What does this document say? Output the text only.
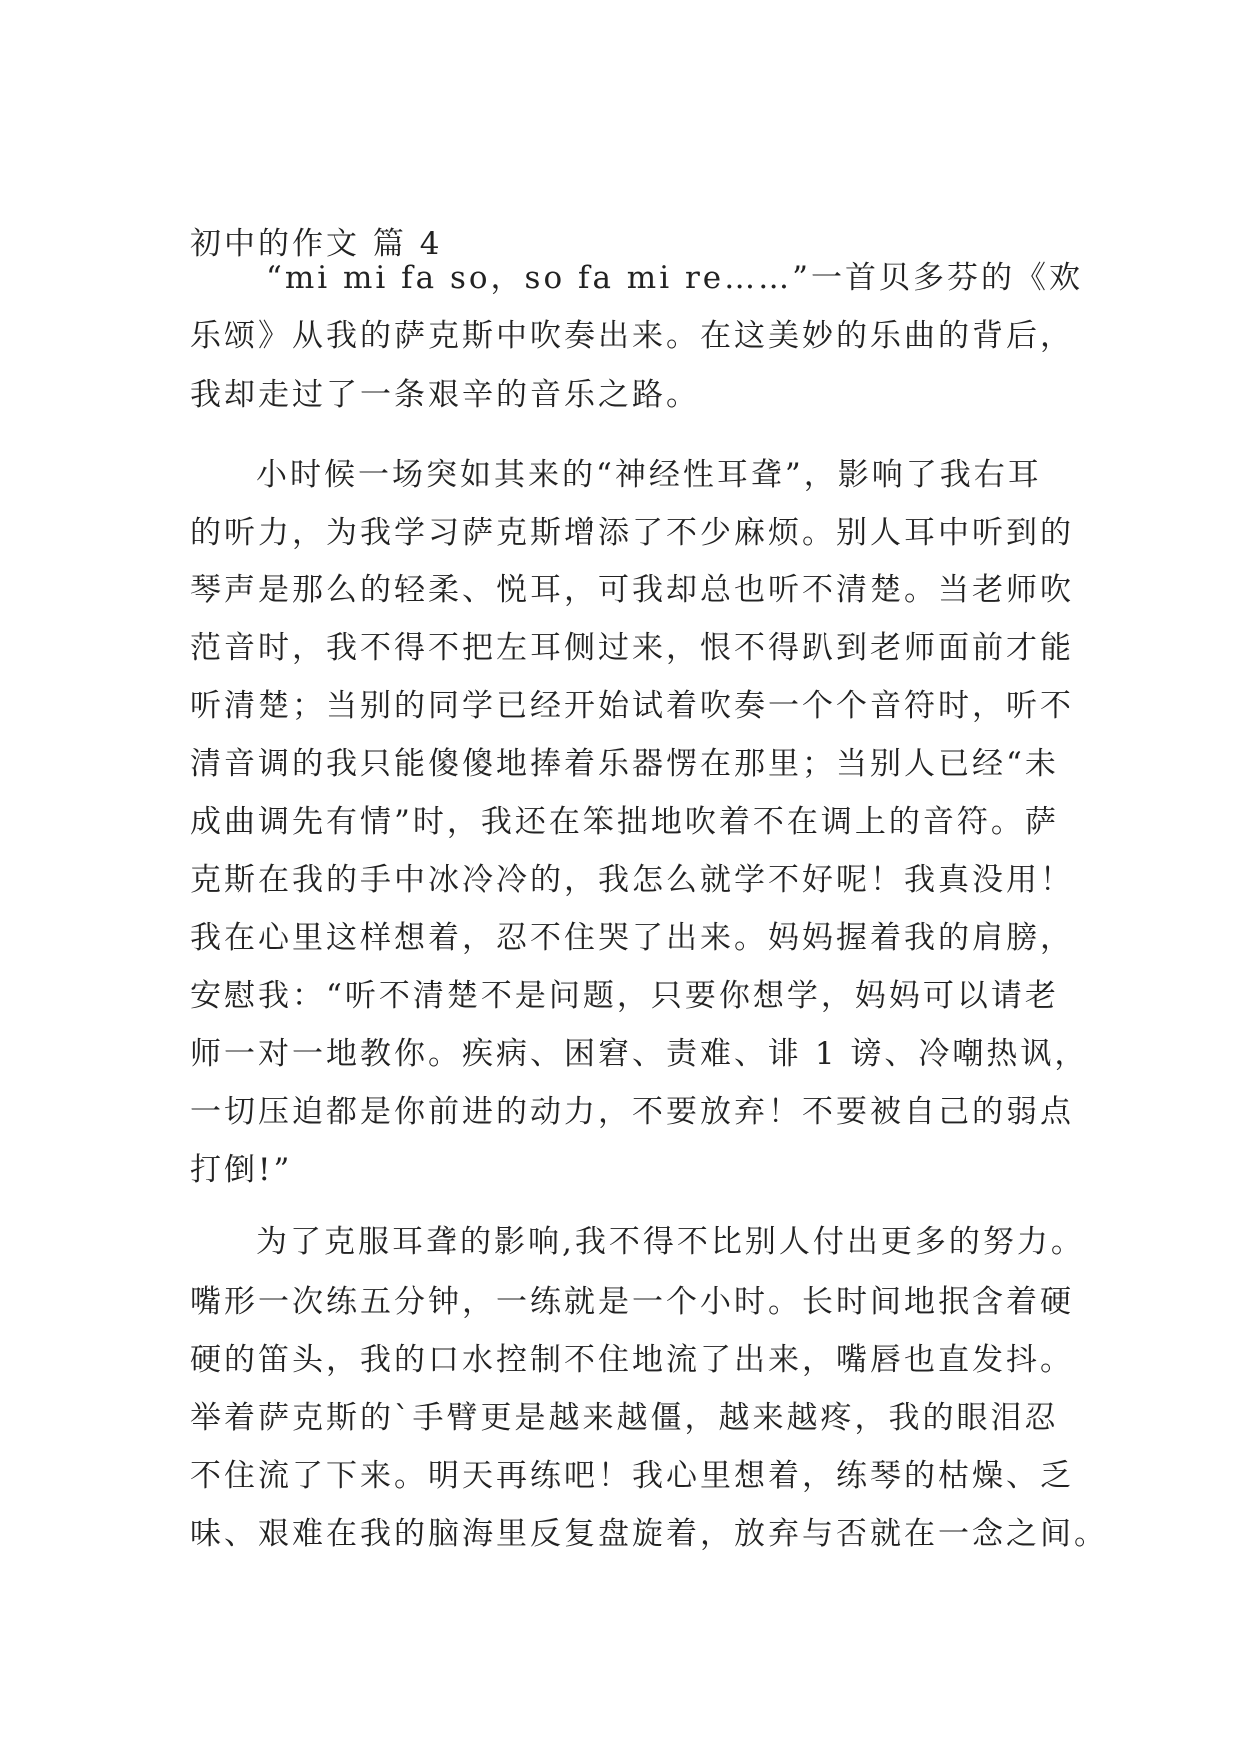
初中的作文 篇 4
“mi mi fa so，so fa mi re……”一首贝多芬的《欢
乐颂》从我的萨克斯中吹奏出来。在这美妙的乐曲的背后，
我却走过了一条艰辛的音乐之路。
小时候一场突如其来的“神经性耳聋”，影响了我右耳
的听力，为我学习萨克斯增添了不少麻烦。别人耳中听到的
琴声是那么的轻柔、悦耳，可我却总也听不清楚。当老师吹
范音时，我不得不把左耳侧过来，恨不得趴到老师面前才能
听清楚；当别的同学已经开始试着吹奏一个个音符时，听不
清音调的我只能傻傻地捧着乐器愣在那里；当别人已经“未
成曲调先有情”时，我还在笨拙地吹着不在调上的音符。萨
克斯在我的手中冰冷冷的，我怎么就学不好呢！我真没用！
我在心里这样想着，忍不住哭了出来。妈妈握着我的肩膀，
安慰我：“听不清楚不是问题，只要你想学，妈妈可以请老
师一对一地教你。疾病、困窘、责难、诽 1 谤、冷嘲热讽，
一切压迫都是你前进的动力，不要放弃！不要被自己的弱点
打倒!”
为了克服耳聋的影响,我不得不比别人付出更多的努力。
嘴形一次练五分钟，一练就是一个小时。长时间地抿含着硬
硬的笛头，我的口水控制不住地流了出来，嘴唇也直发抖。
举着萨克斯的`手臂更是越来越僵，越来越疼，我的眼泪忍
不住流了下来。明天再练吧！我心里想着，练琴的枯燥、乏
味、艰难在我的脑海里反复盘旋着，放弃与否就在一念之间。
